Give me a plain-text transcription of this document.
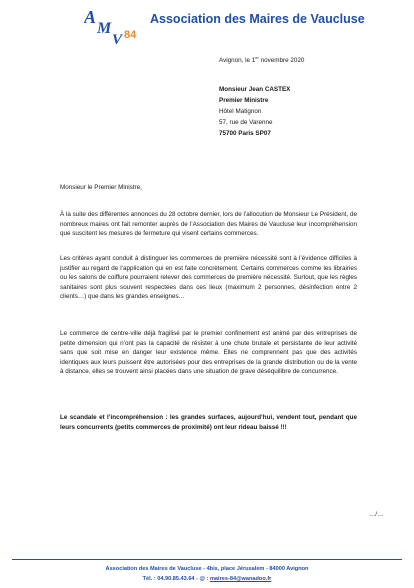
A
M
V 84
Association des Maires de Vaucluse
Avignon, le 1er novembre 2020
Monsieur Jean CASTEX
Premier Ministre
Hôtel Matignon
57, rue de Varenne
75700 Paris SP07
Monsieur le Premier Ministre,
À la suite des différentes annonces du 28 octobre dernier, lors de l’allocution de Monsieur Le Président, de nombreux maires ont fait remonter auprès de l’Association des Maires de Vaucluse leur incompréhension que suscitent les mesures de fermeture qui visent certains commerces.
Les critères ayant conduit à distinguer les commerces de première nécessité sont à l’évidence difficiles à justifier au regard de l’application qui en est faite concrètement. Certains commerces comme les librairies ou les salons de coiffure pourraient relever des commerces de première nécessité. Surtout, que les règles sanitaires sont plus souvent respectées dans ces lieux (maximum 2 personnes, désinfection entre 2 clients…) que dans les grandes enseignes…
Le commerce de centre-ville déjà fragilisé par le premier confinement est animé par des entreprises de petite dimension qui n’ont pas la capacité de résister à une chute brutale et persistante de leur activité sans que soit mise en danger leur existence même. Elles ne comprennent pas que des activités identiques aux leurs puissent être autorisées pour des entreprises de la grande distribution ou de la vente à distance, elles se trouvent ainsi placées dans une situation de grave déséquilibre de concurrence.
Le scandale et l’incompréhension : les grandes surfaces, aujourd’hui, vendent tout, pendant que leurs concurrents (petits commerces de proximité) ont leur rideau baissé !!!
…/…
Association des Maires de Vaucluse - 4bis, place Jérusalem - 84000 Avignon
Tél. : 04.90.85.43.64 - @ : maires-84@wanadoo.fr
